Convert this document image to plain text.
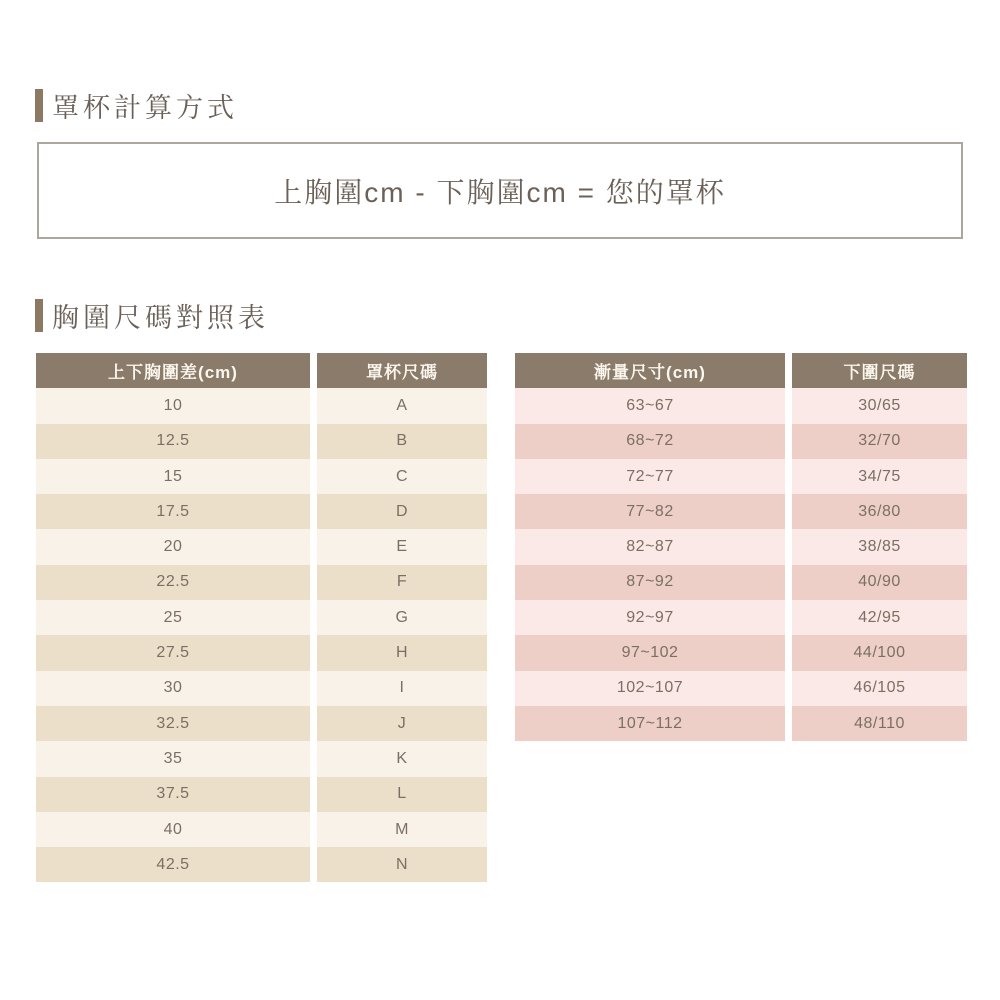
罩杯計算方式
上胸圍cm - 下胸圍cm = 您的罩杯
胸圍尺碼對照表
上下胸圍差(cm)	罩杯尺碼
10	A
12.5	B
15	C
17.5	D
20	E
22.5	F
25	G
27.5	H
30	I
32.5	J
35	K
37.5	L
40	M
42.5	N
漸量尺寸(cm)	下圍尺碼
63~67	30/65
68~72	32/70
72~77	34/75
77~82	36/80
82~87	38/85
87~92	40/90
92~97	42/95
97~102	44/100
102~107	46/105
107~112	48/110
